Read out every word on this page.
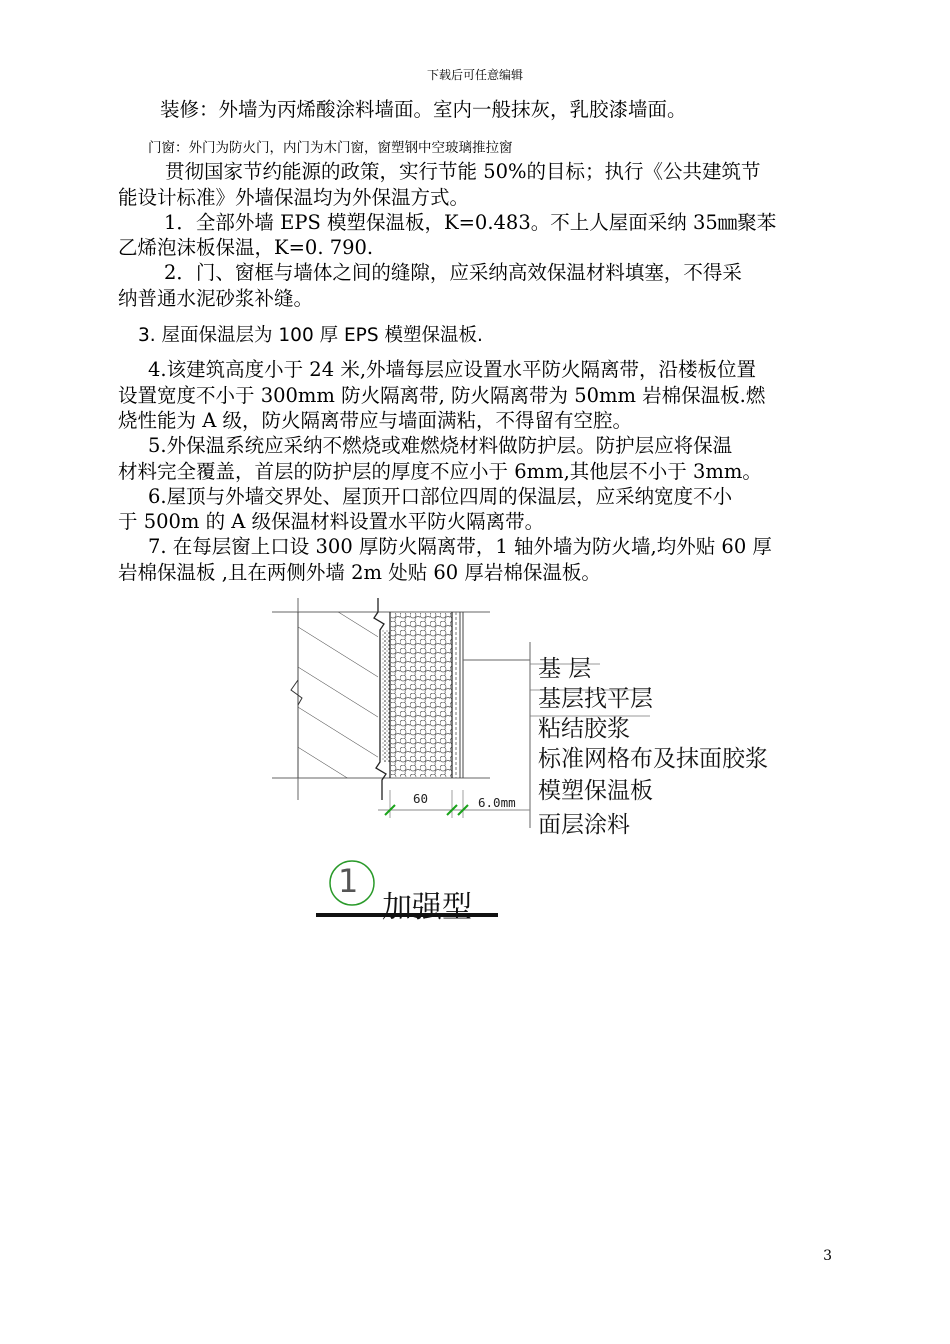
下载后可任意编辑
装修：外墙为丙烯酸涂料墙面。室内一般抹灰，乳胶漆墙面。
门窗：外门为防火门，内门为木门窗，窗塑钢中空玻璃推拉窗
贯彻国家节约能源的政策，实行节能 50%的目标；执行《公共建筑节
能设计标准》外墙保温均为外保温方式。
1．全部外墙 EPS 模塑保温板，K=0.483。不上人屋面采纳 35㎜聚苯
乙烯泡沫板保温，K=0. 790.
2．门、窗框与墙体之间的缝隙，应采纳高效保温材料填塞，不得采
纳普通水泥砂浆补缝。
3. 屋面保温层为 100 厚 EPS 模塑保温板.
4.该建筑高度小于 24 米,外墙每层应设置水平防火隔离带，沿楼板位置
设置宽度不小于 300mm 防火隔离带, 防火隔离带为 50mm 岩棉保温板.燃
烧性能为 A 级，防火隔离带应与墙面满粘，不得留有空腔。
5.外保温系统应采纳不燃烧或难燃烧材料做防护层。防护层应将保温
材料完全覆盖，首层的防护层的厚度不应小于 6mm,其他层不小于 3mm。
6.屋顶与外墙交界处、屋顶开口部位四周的保温层，应采纳宽度不小
于 500m 的 A 级保温材料设置水平防火隔离带。
7. 在每层窗上口设 300 厚防火隔离带，1 轴外墙为防火墙,均外贴 60 厚
岩棉保温板 ,且在两侧外墙 2m 处贴 60 厚岩棉保温板。
基 层
基层找平层
粘结胶浆
标准网格布及抹面胶浆
模塑保温板
面层涂料
60	6.0mm
1
加强型
3
